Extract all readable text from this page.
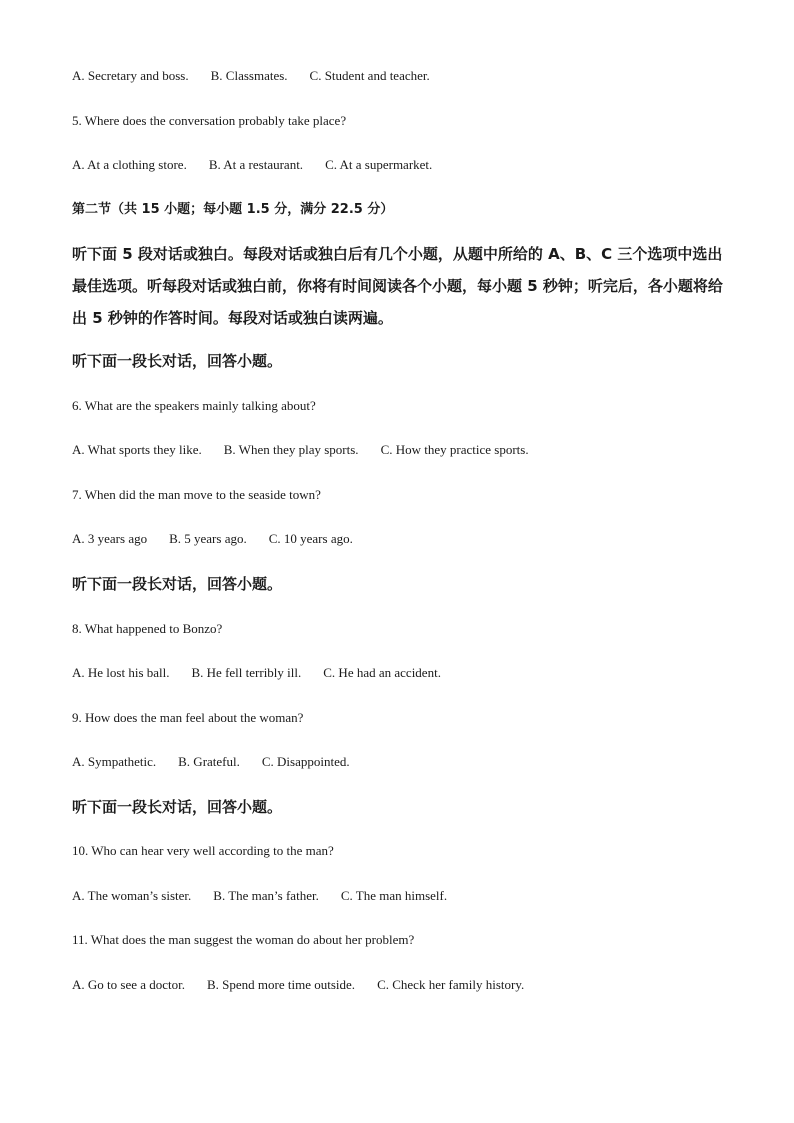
A. Secretary and boss. B. Classmates. C. Student and teacher.
5. Where does the conversation probably take place?
A. At a clothing store. B. At a restaurant. C. At a supermarket.
第二节（共 15 小题；每小题 1.5 分，满分 22.5 分）
听下面 5 段对话或独白。每段对话或独白后有几个小题，从题中所给的 A、B、C 三个选项中选出最佳选项。听每段对话或独白前，你将有时间阅读各个小题，每小题 5 秒钟；听完后，各小题将给出 5 秒钟的作答时间。每段对话或独白读两遍。
听下面一段长对话，回答小题。
6. What are the speakers mainly talking about?
A. What sports they like. B. When they play sports. C. How they practice sports.
7. When did the man move to the seaside town?
A. 3 years ago B. 5 years ago. C. 10 years ago.
听下面一段长对话，回答小题。
8. What happened to Bonzo?
A. He lost his ball. B. He fell terribly ill. C. He had an accident.
9. How does the man feel about the woman?
A. Sympathetic. B. Grateful. C. Disappointed.
听下面一段长对话，回答小题。
10. Who can hear very well according to the man?
A. The woman’s sister. B. The man’s father. C. The man himself.
11. What does the man suggest the woman do about her problem?
A. Go to see a doctor. B. Spend more time outside. C. Check her family history.
